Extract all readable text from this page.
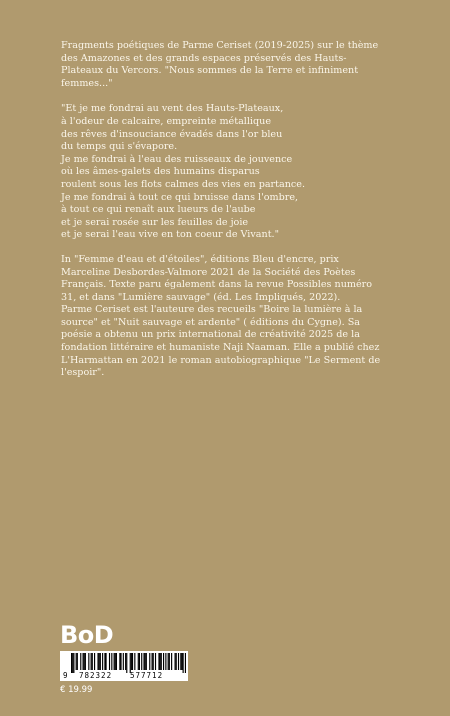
Fragments poétiques de Parme Ceriset (2019-2025) sur le thème
des Amazones et des grands espaces préservés des Hauts-
Plateaux du Vercors. "Nous sommes de la Terre et infiniment
femmes..."

"Et je me fondrai au vent des Hauts-Plateaux,
à l'odeur de calcaire, empreinte métallique
des rêves d'insouciance évadés dans l'or bleu
du temps qui s'évapore.
Je me fondrai à l'eau des ruisseaux de jouvence
où les âmes-galets des humains disparus
roulent sous les flots calmes des vies en partance.
Je me fondrai à tout ce qui bruisse dans l'ombre,
à tout ce qui renaît aux lueurs de l'aube
et je serai rosée sur les feuilles de joie
et je serai l'eau vive en ton coeur de Vivant."

In "Femme d'eau et d'étoiles", éditions Bleu d'encre, prix
Marceline Desbordes-Valmore 2021 de la Société des Poètes
Français. Texte paru également dans la revue Possibles numéro
31, et dans "Lumière sauvage" (éd. Les Impliqués, 2022).
Parme Ceriset est l'auteure des recueils "Boire la lumière à la
source" et "Nuit sauvage et ardente" ( éditions du Cygne). Sa
poésie a obtenu un prix international de créativité 2025 de la
fondation littéraire et humaniste Naji Naaman. Elle a publié chez
L'Harmattan en 2021 le roman autobiographique "Le Serment de
l'espoir".

BoD
9 782322 577712
€ 19.99
